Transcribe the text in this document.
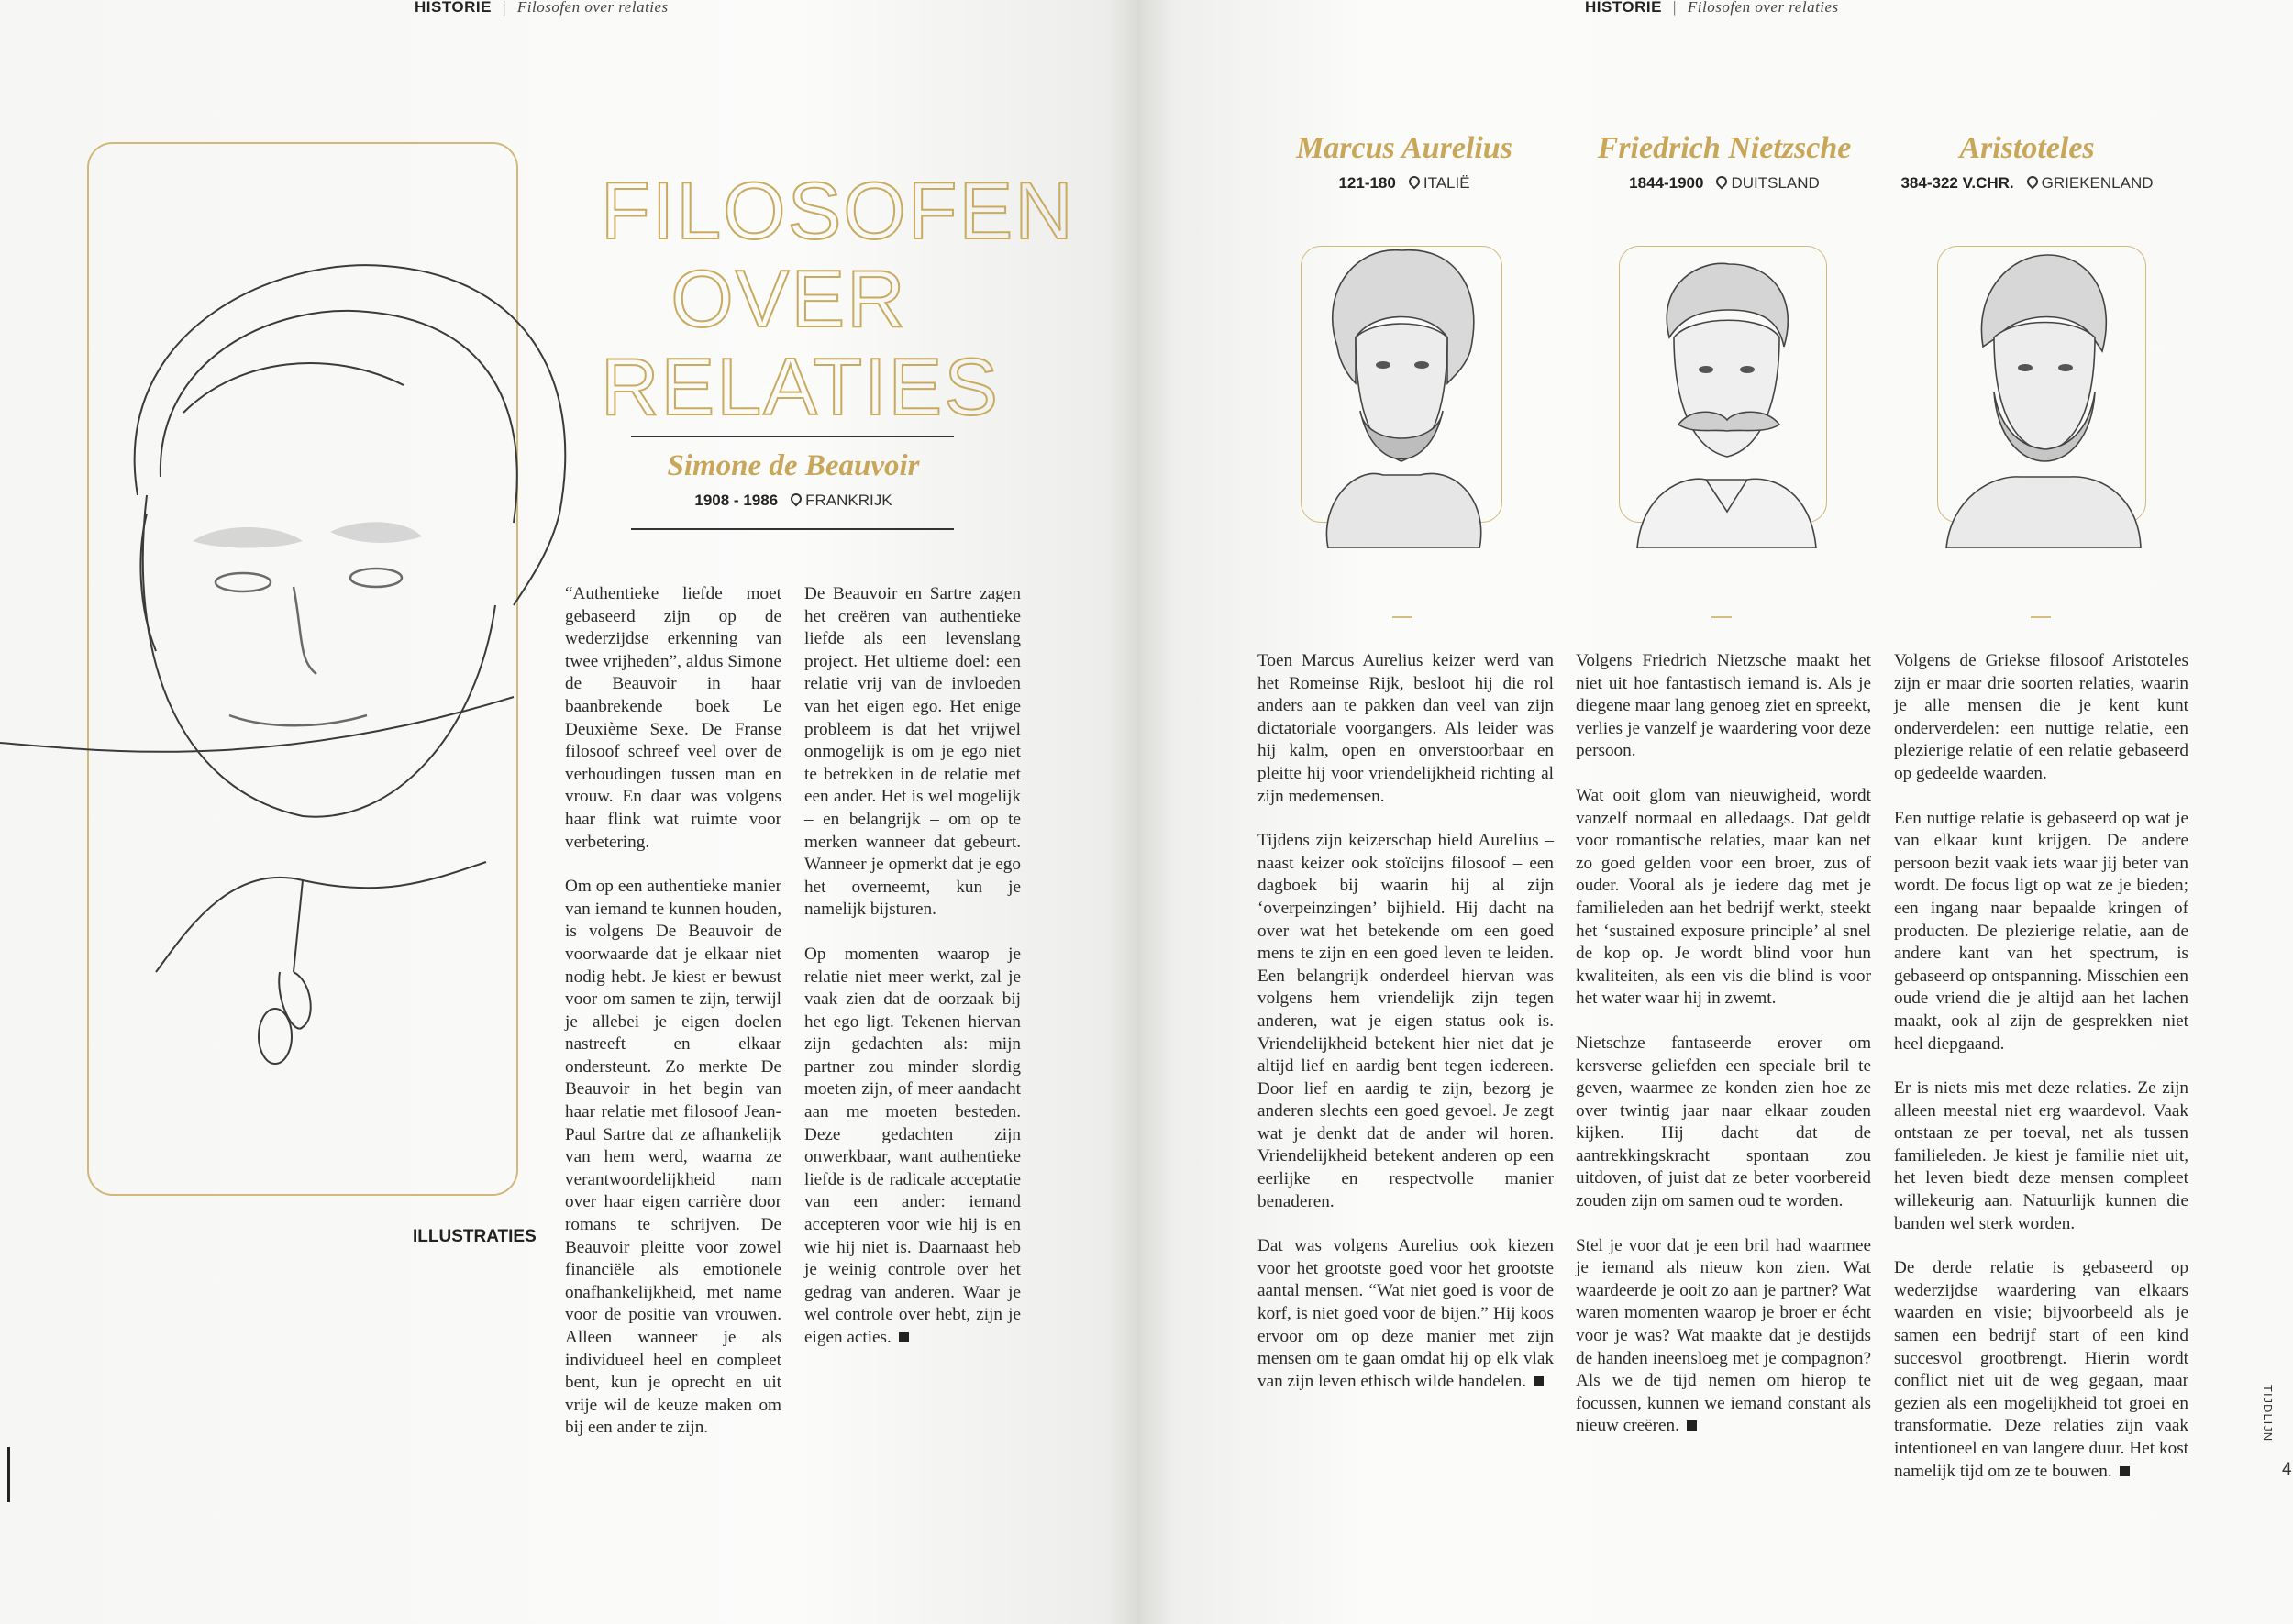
HISTORIE | Filosofen over relaties
FILOSOFEN
OVER
RELATIES
Simone de Beauvoir
1908 - 1986 FRANKRIJK

“Authentieke liefde moet gebaseerd zijn op de wederzijdse erkenning van twee vrijheden”, aldus Simone de Beauvoir in haar baanbrekende boek Le Deuxième Sexe. De Franse filosoof schreef veel over de verhoudingen tussen man en vrouw. En daar was volgens haar flink wat ruimte voor verbetering.

Om op een authentieke manier van iemand te kunnen houden, is volgens De Beauvoir de voorwaarde dat je elkaar niet nodig hebt. Je kiest er bewust voor om samen te zijn, terwijl je allebei je eigen doelen nastreeft en elkaar ondersteunt. Zo merkte De Beauvoir in het begin van haar relatie met filosoof Jean-Paul Sartre dat ze afhankelijk van hem werd, waarna ze verantwoordelijkheid nam over haar eigen carrière door romans te schrijven. De Beauvoir pleitte voor zowel financiële als emotionele onafhankelijkheid, met name voor de positie van vrouwen. Alleen wanneer je als individueel heel en compleet bent, kun je oprecht en uit vrije wil de keuze maken om bij een ander te zijn.

De Beauvoir en Sartre zagen het creëren van authentieke liefde als een levenslang project. Het ultieme doel: een relatie vrij van de invloeden van het eigen ego. Het enige probleem is dat het vrijwel onmogelijk is om je ego niet te betrekken in de relatie met een ander. Het is wel mogelijk – en belangrijk – om op te merken wanneer dat gebeurt. Wanneer je opmerkt dat je ego het overneemt, kun je namelijk bijsturen.

Op momenten waarop je relatie niet meer werkt, zal je vaak zien dat de oorzaak bij het ego ligt. Tekenen hiervan zijn gedachten als: mijn partner zou minder slordig moeten zijn, of meer aandacht aan me moeten besteden. Deze gedachten zijn onwerkbaar, want authentieke liefde is de radicale acceptatie van een ander: iemand accepteren voor wie hij is en wie hij niet is. Daarnaast heb je weinig controle over het gedrag van anderen. Waar je wel controle over hebt, zijn je eigen acties.

ILLUSTRATIES
HISTORIE | Filosofen over relaties
Marcus Aurelius
121-180 ITALIË

Toen Marcus Aurelius keizer werd van het Romeinse Rijk, besloot hij die rol anders aan te pakken dan veel van zijn dictatoriale voorgangers. Als leider was hij kalm, open en onverstoorbaar en pleitte hij voor vriendelijkheid richting al zijn medemensen.

Tijdens zijn keizerschap hield Aurelius – naast keizer ook stoïcijns filosoof – een dagboek bij waarin hij al zijn ‘overpeinzingen’ bijhield. Hij dacht na over wat het betekende om een goed mens te zijn en een goed leven te leiden. Een belangrijk onderdeel hiervan was volgens hem vriendelijk zijn tegen anderen, wat je eigen status ook is. Vriendelijkheid betekent hier niet dat je altijd lief en aardig bent tegen iedereen. Door lief en aardig te zijn, bezorg je anderen slechts een goed gevoel. Je zegt wat je denkt dat de ander wil horen. Vriendelijkheid betekent anderen op een eerlijke en respectvolle manier benaderen.

Dat was volgens Aurelius ook kiezen voor het grootste goed voor het grootste aantal mensen. “Wat niet goed is voor de korf, is niet goed voor de bijen.” Hij koos ervoor om op deze manier met zijn mensen om te gaan omdat hij op elk vlak van zijn leven ethisch wilde handelen.

Friedrich Nietzsche
1844-1900 DUITSLAND

Volgens Friedrich Nietzsche maakt het niet uit hoe fantastisch iemand is. Als je diegene maar lang genoeg ziet en spreekt, verlies je vanzelf je waardering voor deze persoon.

Wat ooit glom van nieuwigheid, wordt vanzelf normaal en alledaags. Dat geldt voor romantische relaties, maar kan net zo goed gelden voor een broer, zus of ouder. Vooral als je iedere dag met je familieleden aan het bedrijf werkt, steekt het ‘sustained exposure principle’ al snel de kop op. Je wordt blind voor hun kwaliteiten, als een vis die blind is voor het water waar hij in zwemt.

Nietschze fantaseerde erover om kersverse geliefden een speciale bril te geven, waarmee ze konden zien hoe ze over twintig jaar naar elkaar zouden kijken. Hij dacht dat de aantrekkingskracht spontaan zou uitdoven, of juist dat ze beter voorbereid zouden zijn om samen oud te worden.

Stel je voor dat je een bril had waarmee je iemand als nieuw kon zien. Wat waardeerde je ooit zo aan je partner? Wat waren momenten waarop je broer er écht voor je was? Wat maakte dat je destijds de handen ineensloeg met je compagnon? Als we de tijd nemen om hierop te focussen, kunnen we iemand constant als nieuw creëren.

Aristoteles
384-322 V.CHR. GRIEKENLAND

Volgens de Griekse filosoof Aristoteles zijn er maar drie soorten relaties, waarin je alle mensen die je kent kunt onderverdelen: een nuttige relatie, een plezierige relatie of een relatie gebaseerd op gedeelde waarden.

Een nuttige relatie is gebaseerd op wat je van elkaar kunt krijgen. De andere persoon bezit vaak iets waar jij beter van wordt. De focus ligt op wat ze je bieden; een ingang naar bepaalde kringen of producten. De plezierige relatie, aan de andere kant van het spectrum, is gebaseerd op ontspanning. Misschien een oude vriend die je altijd aan het lachen maakt, ook al zijn de gesprekken niet heel diepgaand.

Er is niets mis met deze relaties. Ze zijn alleen meestal niet erg waardevol. Vaak ontstaan ze per toeval, net als tussen familieleden. Je kiest je familie niet uit, het leven biedt deze mensen compleet willekeurig aan. Natuurlijk kunnen die banden wel sterk worden.

De derde relatie is gebaseerd op wederzijdse waardering van elkaars waarden en visie; bijvoorbeeld als je samen een bedrijf start of een kind succesvol grootbrengt. Hierin wordt conflict niet uit de weg gegaan, maar gezien als een mogelijkheid tot groei en transformatie. Deze relaties zijn vaak intentioneel en van langere duur. Het kost namelijk tijd om ze te bouwen.

TIJDLIJN
4
